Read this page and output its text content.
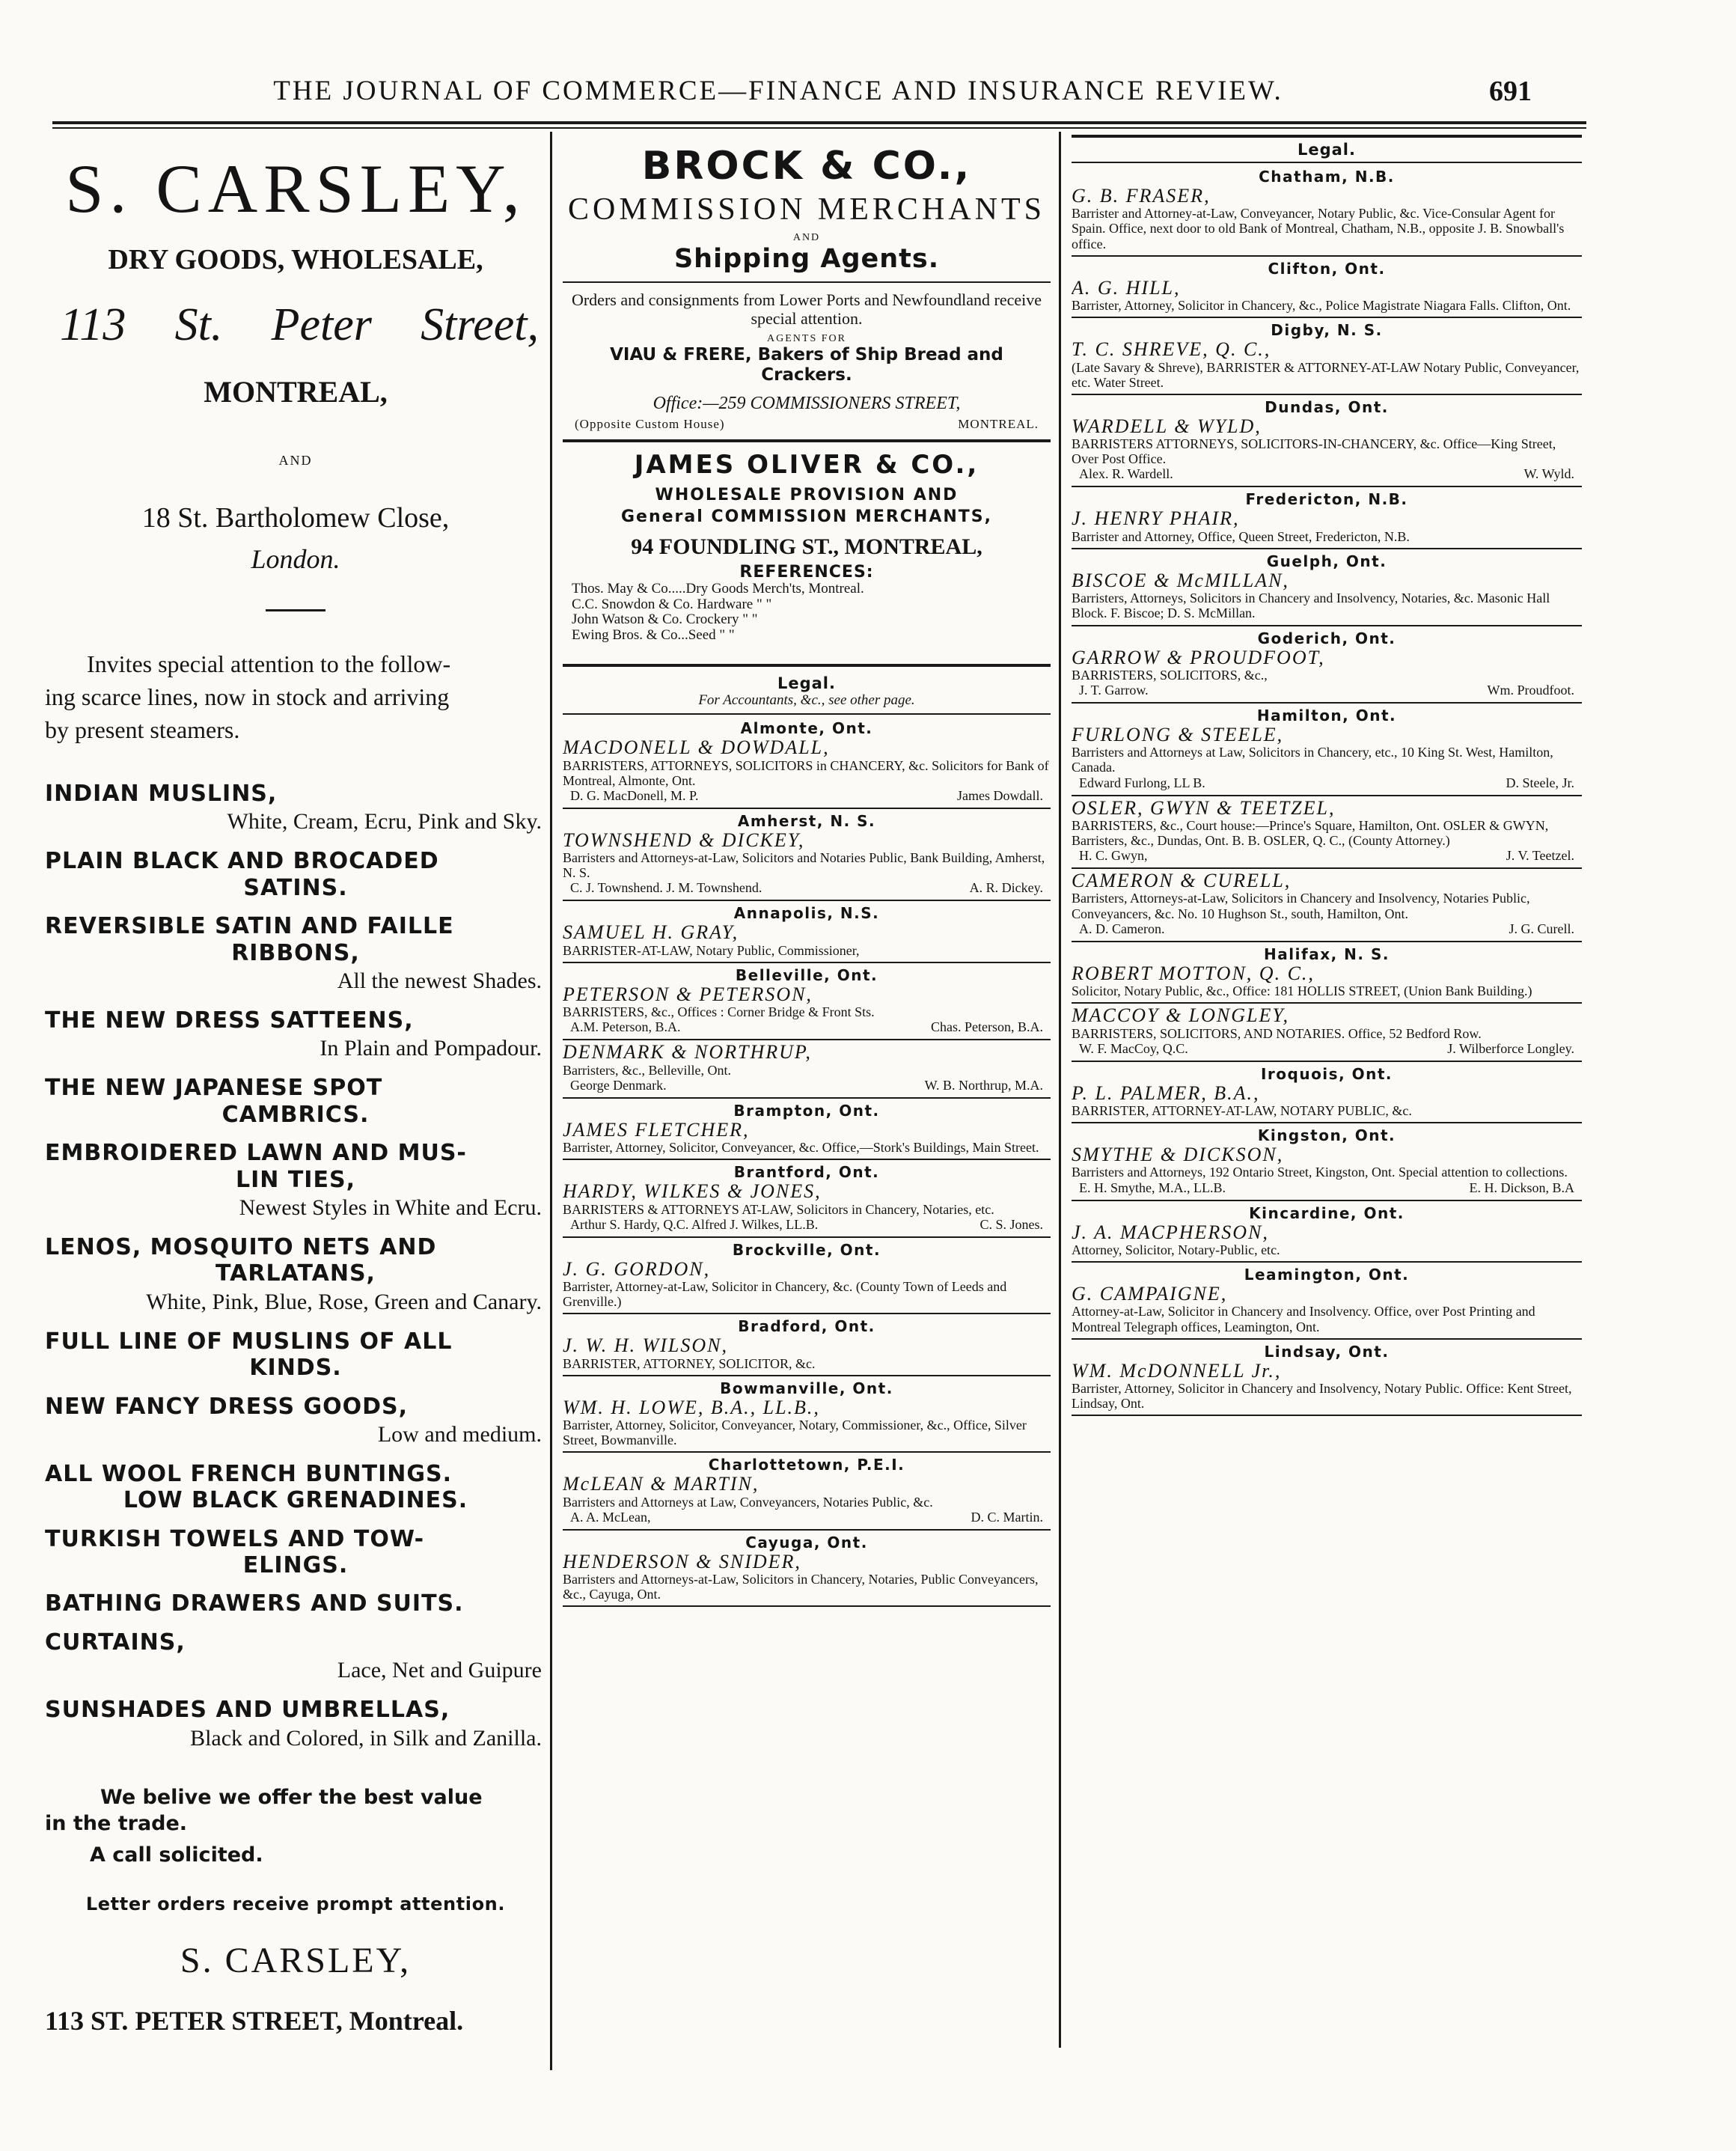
THE JOURNAL OF COMMERCE—FINANCE AND INSURANCE REVIEW.	691
S. CARSLEY,
DRY GOODS, WHOLESALE,
113 St. Peter Street,
MONTREAL,
AND
18 St. Bartholomew Close,
London.
Invites special attention to the follow-
ing scarce lines, now in stock and arriving
by present steamers.
INDIAN MUSLINS,
White, Cream, Ecru, Pink and Sky.
PLAIN BLACK AND BROCADED
SATINS.
REVERSIBLE SATIN AND FAILLE
RIBBONS,
All the newest Shades.
THE NEW DRESS SATTEENS,
In Plain and Pompadour.
THE NEW JAPANESE SPOT
CAMBRICS.
EMBROIDERED LAWN AND MUS-
LIN TIES,
Newest Styles in White and Ecru.
LENOS, MOSQUITO NETS AND
TARLATANS,
White, Pink, Blue, Rose, Green and Canary.
FULL LINE OF MUSLINS OF ALL
KINDS.
NEW FANCY DRESS GOODS,
Low and medium.
ALL WOOL FRENCH BUNTINGS.
LOW BLACK GRENADINES.
TURKISH TOWELS AND TOW-
ELINGS.
BATHING DRAWERS AND SUITS.
CURTAINS,
Lace, Net and Guipure
SUNSHADES AND UMBRELLAS,
Black and Colored, in Silk and Zanilla.
We belive we offer the best value
in the trade.
A call solicited.
Letter orders receive prompt attention.
S. CARSLEY,
113 ST. PETER STREET, Montreal.
BROCK & CO.,
COMMISSION MERCHANTS
AND
Shipping Agents.
Orders and consignments from Lower Ports and Newfoundland receive special attention.
AGENTS FOR
VIAU & FRERE, Bakers of Ship Bread and Crackers.
Office:—259 COMMISSIONERS STREET,
(Opposite Custom House)	MONTREAL.
JAMES OLIVER & CO.,
WHOLESALE PROVISION AND
General COMMISSION MERCHANTS,
94 FOUNDLING ST., MONTREAL,
REFERENCES:
Thos. May & Co.....Dry Goods Merch'ts, Montreal.
C.C. Snowdon & Co. Hardware " "
John Watson & Co. Crockery " "
Ewing Bros. & Co...Seed " "
Legal.
For Accountants, &c., see other page.
Almonte, Ont.
MACDONELL & DOWDALL,
BARRISTERS, ATTORNEYS, SOLICITORS in CHANCERY, &c. Solicitors for Bank of Montreal, Almonte, Ont.
D. G. MacDonell, M. P.	James Dowdall.
Amherst, N. S.
TOWNSHEND & DICKEY,
Barristers and Attorneys-at-Law, Solicitors and Notaries Public, Bank Building, Amherst, N. S.
C. J. Townshend. J. M. Townshend.	A. R. Dickey.
Annapolis, N.S.
SAMUEL H. GRAY,
BARRISTER-AT-LAW, Notary Public, Commissioner,
Belleville, Ont.
PETERSON & PETERSON,
BARRISTERS, &c., Offices : Corner Bridge & Front Sts.
A.M. Peterson, B.A.	Chas. Peterson, B.A.
DENMARK & NORTHRUP,
Barristers, &c., Belleville, Ont.
George Denmark.	W. B. Northrup, M.A.
Brampton, Ont.
JAMES FLETCHER,
Barrister, Attorney, Solicitor, Conveyancer, &c. Office,—Stork's Buildings, Main Street.
Brantford, Ont.
HARDY, WILKES & JONES,
BARRISTERS & ATTORNEYS AT-LAW, Solicitors in Chancery, Notaries, etc.
Arthur S. Hardy, Q.C. Alfred J. Wilkes, LL.B.	C. S. Jones.
Brockville, Ont.
J. G. GORDON,
Barrister, Attorney-at-Law, Solicitor in Chancery, &c. (County Town of Leeds and Grenville.)
Bradford, Ont.
J. W. H. WILSON,
BARRISTER, ATTORNEY, SOLICITOR, &c.
Bowmanville, Ont.
WM. H. LOWE, B.A., LL.B.,
Barrister, Attorney, Solicitor, Conveyancer, Notary, Commissioner, &c., Office, Silver Street, Bowmanville.
Charlottetown, P.E.I.
McLEAN & MARTIN,
Barristers and Attorneys at Law, Conveyancers, Notaries Public, &c.
A. A. McLean,	D. C. Martin.
Cayuga, Ont.
HENDERSON & SNIDER,
Barristers and Attorneys-at-Law, Solicitors in Chancery, Notaries, Public Conveyancers, &c., Cayuga, Ont.
Legal.
Chatham, N.B.
G. B. FRASER,
Barrister and Attorney-at-Law, Conveyancer, Notary Public, &c. Vice-Consular Agent for Spain. Office, next door to old Bank of Montreal, Chatham, N.B., opposite J. B. Snowball's office.
Clifton, Ont.
A. G. HILL,
Barrister, Attorney, Solicitor in Chancery, &c., Police Magistrate Niagara Falls. Clifton, Ont.
Digby, N. S.
T. C. SHREVE, Q. C.,
(Late Savary & Shreve), BARRISTER & ATTORNEY-AT-LAW Notary Public, Conveyancer, etc. Water Street.
Dundas, Ont.
WARDELL & WYLD,
BARRISTERS ATTORNEYS, SOLICITORS-IN-CHANCERY, &c. Office—King Street, Over Post Office.
Alex. R. Wardell.	W. Wyld.
Fredericton, N.B.
J. HENRY PHAIR,
Barrister and Attorney, Office, Queen Street, Fredericton, N.B.
Guelph, Ont.
BISCOE & McMILLAN,
Barristers, Attorneys, Solicitors in Chancery and Insolvency, Notaries, &c. Masonic Hall Block. F. Biscoe; D. S. McMillan.
Goderich, Ont.
GARROW & PROUDFOOT,
BARRISTERS, SOLICITORS, &c.,
J. T. Garrow.	Wm. Proudfoot.
Hamilton, Ont.
FURLONG & STEELE,
Barristers and Attorneys at Law, Solicitors in Chancery, etc., 10 King St. West, Hamilton, Canada.
Edward Furlong, LL B.	D. Steele, Jr.
OSLER, GWYN & TEETZEL,
BARRISTERS, &c., Court house:—Prince's Square, Hamilton, Ont. OSLER & GWYN, Barristers, &c., Dundas, Ont. B. B. OSLER, Q. C., (County Attorney.)
H. C. Gwyn,	J. V. Teetzel.
CAMERON & CURELL,
Barristers, Attorneys-at-Law, Solicitors in Chancery and Insolvency, Notaries Public, Conveyancers, &c. No. 10 Hughson St., south, Hamilton, Ont.
A. D. Cameron.	J. G. Curell.
Halifax, N. S.
ROBERT MOTTON, Q. C.,
Solicitor, Notary Public, &c., Office: 181 HOLLIS STREET, (Union Bank Building.)
MACCOY & LONGLEY,
BARRISTERS, SOLICITORS, AND NOTARIES. Office, 52 Bedford Row.
W. F. MacCoy, Q.C.	J. Wilberforce Longley.
Iroquois, Ont.
P. L. PALMER, B.A.,
BARRISTER, ATTORNEY-AT-LAW, NOTARY PUBLIC, &c.
Kingston, Ont.
SMYTHE & DICKSON,
Barristers and Attorneys, 192 Ontario Street, Kingston, Ont. Special attention to collections.
E. H. Smythe, M.A., LL.B.	E. H. Dickson, B.A
Kincardine, Ont.
J. A. MACPHERSON,
Attorney, Solicitor, Notary-Public, etc.
Leamington, Ont.
G. CAMPAIGNE,
Attorney-at-Law, Solicitor in Chancery and Insolvency. Office, over Post Printing and Montreal Telegraph offices, Leamington, Ont.
Lindsay, Ont.
WM. McDONNELL Jr.,
Barrister, Attorney, Solicitor in Chancery and Insolvency, Notary Public. Office: Kent Street, Lindsay, Ont.
